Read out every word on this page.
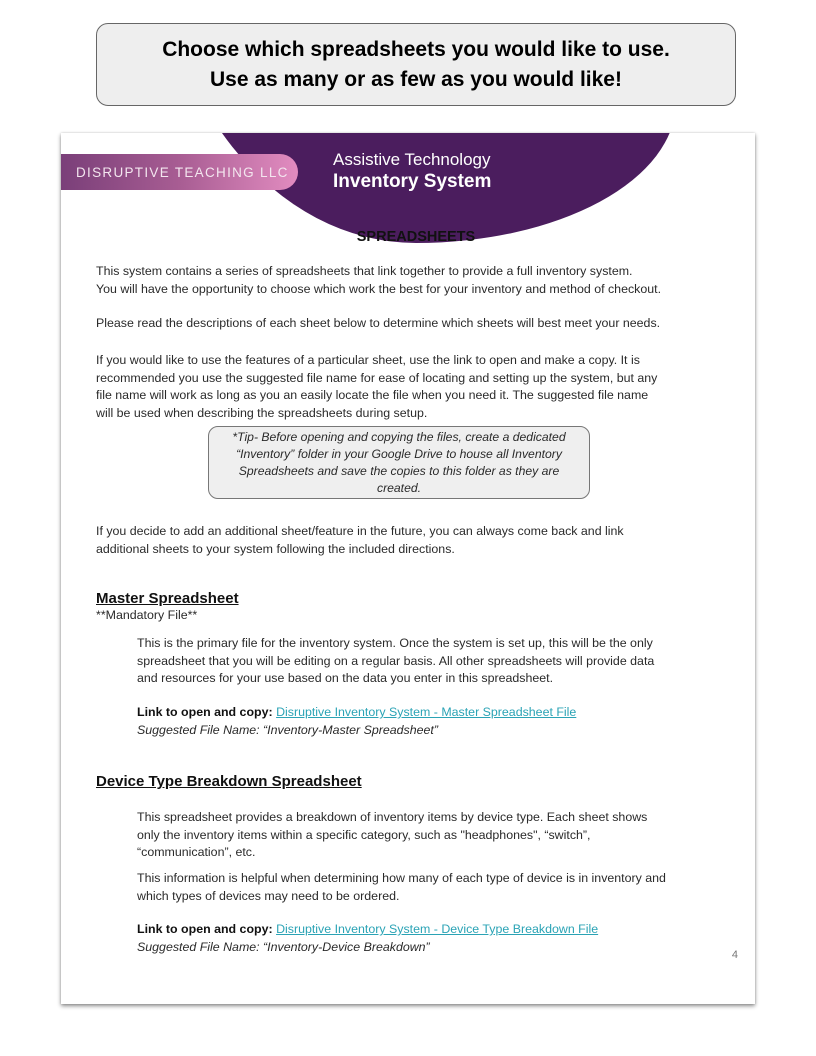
Choose which spreadsheets you would like to use.
Use as many or as few as you would like!
DISRUPTIVE TEACHING LLC
Assistive Technology
Inventory System
SPREADSHEETS
This system contains a series of spreadsheets that link together to provide a full inventory system.
You will have the opportunity to choose which work the best for your inventory and method of checkout.
Please read the descriptions of each sheet below to determine which sheets will best meet your needs.
If you would like to use the features of a particular sheet, use the link to open and make a copy. It is
recommended you use the suggested file name for ease of locating and setting up the system, but any
file name will work as long as you an easily locate the file when you need it. The suggested file name
will be used when describing the spreadsheets during setup.
*Tip- Before opening and copying the files, create a dedicated “Inventory” folder in your Google Drive to house all Inventory Spreadsheets and save the copies to this folder as they are created.
If you decide to add an additional sheet/feature in the future, you can always come back and link
additional sheets to your system following the included directions.
Master Spreadsheet
**Mandatory File**
This is the primary file for the inventory system. Once the system is set up, this will be the only
spreadsheet that you will be editing on a regular basis. All other spreadsheets will provide data
and resources for your use based on the data you enter in this spreadsheet.
Link to open and copy: Disruptive Inventory System - Master Spreadsheet File
Suggested File Name: “Inventory-Master Spreadsheet”
Device Type Breakdown Spreadsheet
This spreadsheet provides a breakdown of inventory items by device type. Each sheet shows
only the inventory items within a specific category, such as "headphones", “switch”,
“communication”, etc.
This information is helpful when determining how many of each type of device is in inventory and
which types of devices may need to be ordered.
Link to open and copy: Disruptive Inventory System - Device Type Breakdown File
Suggested File Name: “Inventory-Device Breakdown”
4
